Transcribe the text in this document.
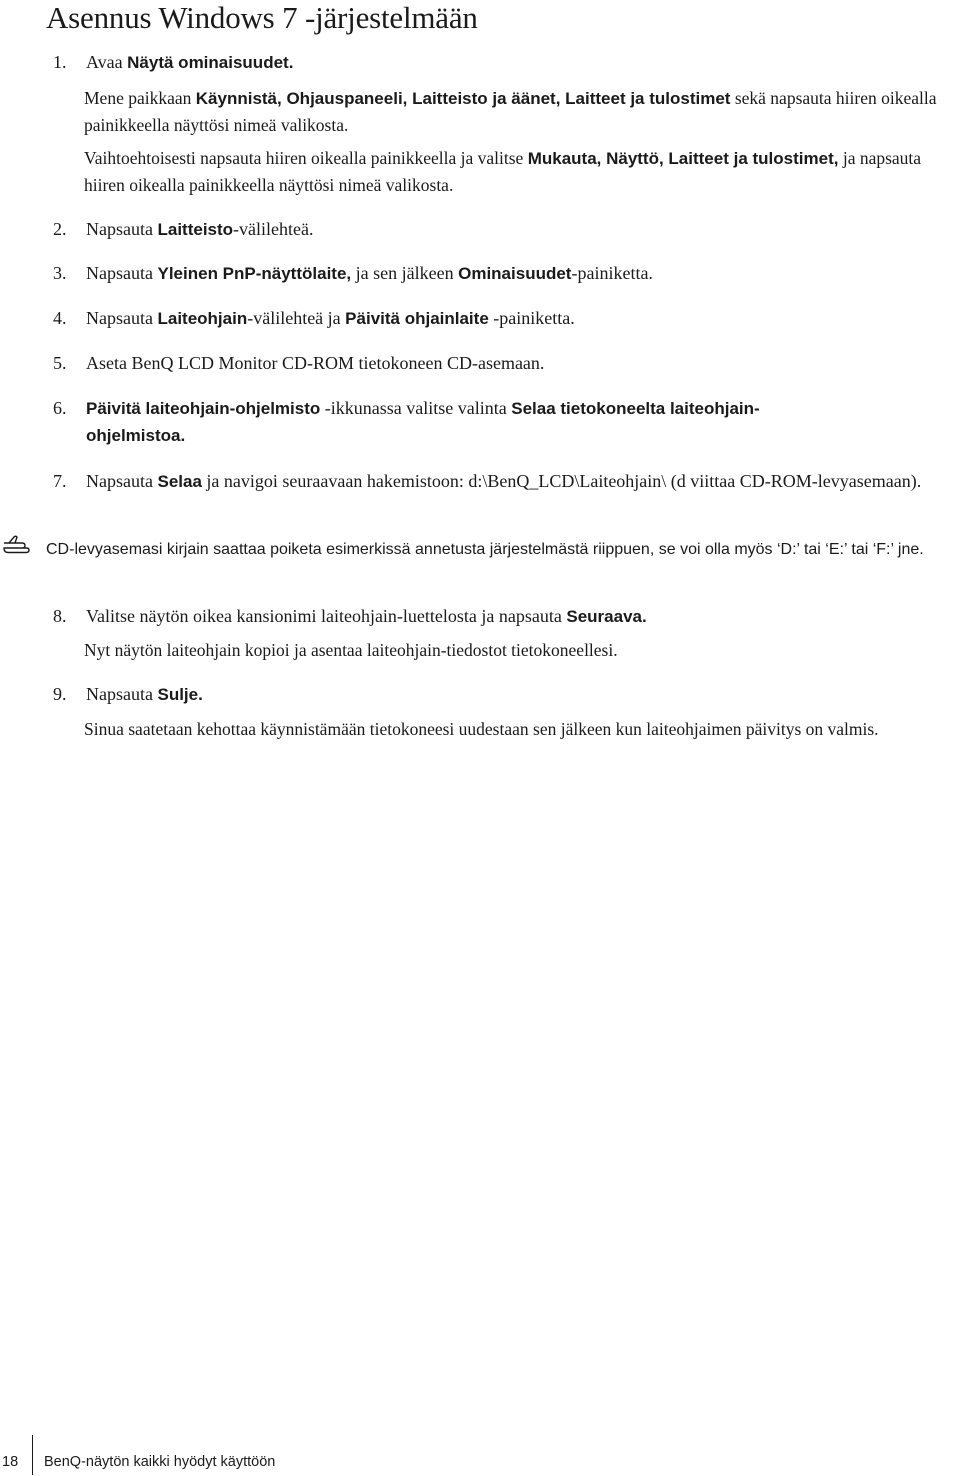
Asennus Windows 7 -järjestelmään
1.	Avaa Näytä ominaisuudet.
Mene paikkaan Käynnistä, Ohjauspaneeli, Laitteisto ja äänet, Laitteet ja tulostimet sekä napsauta hiiren oikealla painikkeella näyttösi nimeä valikosta.
Vaihtoehtoisesti napsauta hiiren oikealla painikkeella ja valitse Mukauta, Näyttö, Laitteet ja tulostimet, ja napsauta hiiren oikealla painikkeella näyttösi nimeä valikosta.
2.	Napsauta Laitteisto-välilehteä.
3.	Napsauta Yleinen PnP-näyttölaite, ja sen jälkeen Ominaisuudet-painiketta.
4.	Napsauta Laiteohjain-välilehteä ja Päivitä ohjainlaite -painiketta.
5.	Aseta BenQ LCD Monitor CD-ROM tietokoneen CD-asemaan.
6.	Päivitä laiteohjain-ohjelmisto -ikkunassa valitse valinta Selaa tietokoneelta laiteohjain-ohjelmistoa.
7.	Napsauta Selaa ja navigoi seuraavaan hakemistoon: d:\BenQ_LCD\Laiteohjain\ (d viittaa CD-ROM-levyasemaan).
CD-levyasemasi kirjain saattaa poiketa esimerkissä annetusta järjestelmästä riippuen, se voi olla myös ‘D:’ tai ‘E:’ tai ‘F:’ jne.
8.	Valitse näytön oikea kansionimi laiteohjain-luettelosta ja napsauta Seuraava.
Nyt näytön laiteohjain kopioi ja asentaa laiteohjain-tiedostot tietokoneellesi.
9.	Napsauta Sulje.
Sinua saatetaan kehottaa käynnistämään tietokoneesi uudestaan sen jälkeen kun laiteohjaimen päivitys on valmis.
18 BenQ-näytön kaikki hyödyt käyttöön
